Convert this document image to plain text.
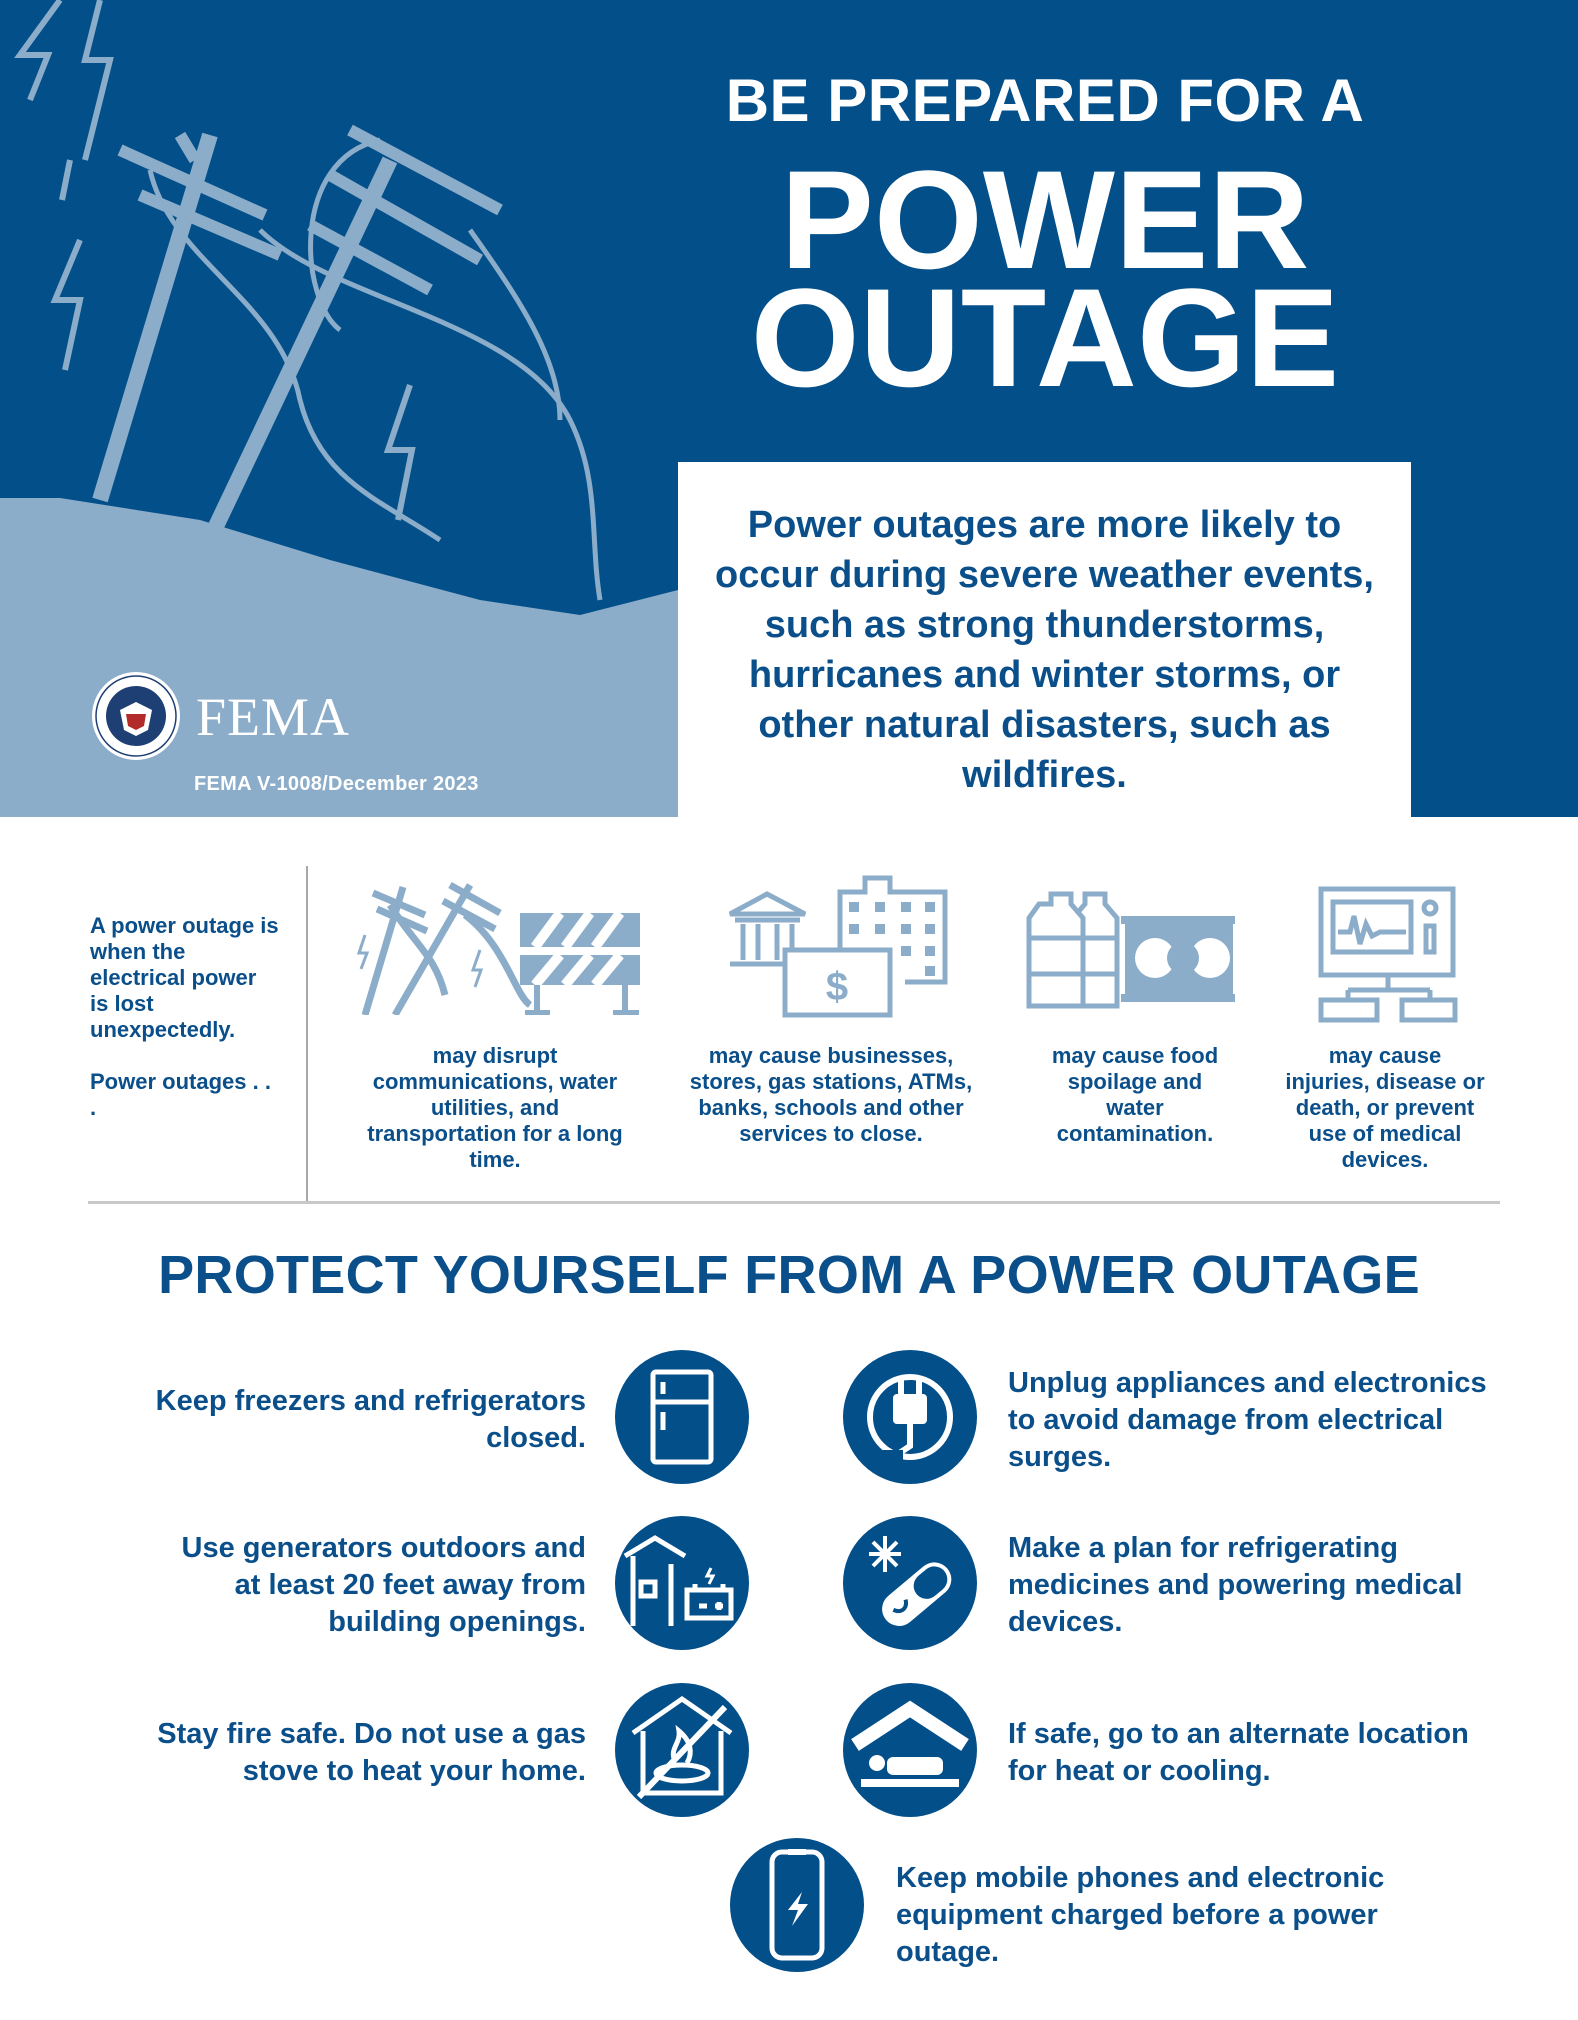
BE PREPARED FOR A
POWER
OUTAGE
Power outages are more likely to occur during severe weather events, such as strong thunderstorms, hurricanes and winter storms, or other natural disasters, such as wildfires.
FEMA
FEMA V-1008/December 2023
A power outage is when the electrical power is lost unexpectedly.
Power outages . . .
$
may disrupt communications, water utilities, and transportation for a long time.
may cause businesses, stores, gas stations, ATMs, banks, schools and other services to close.
may cause food spoilage and water contamination.
may cause injuries, disease or death, or prevent use of medical devices.
PROTECT YOURSELF FROM A POWER OUTAGE
Keep freezers and refrigerators closed.
Unplug appliances and electronics to avoid damage from electrical surges.
Use generators outdoors and at least 20 feet away from building openings.
Make a plan for refrigerating medicines and powering medical devices.
Stay fire safe. Do not use a gas stove to heat your home.
If safe, go to an alternate location for heat or cooling.
Keep mobile phones and electronic equipment charged before a power outage.
